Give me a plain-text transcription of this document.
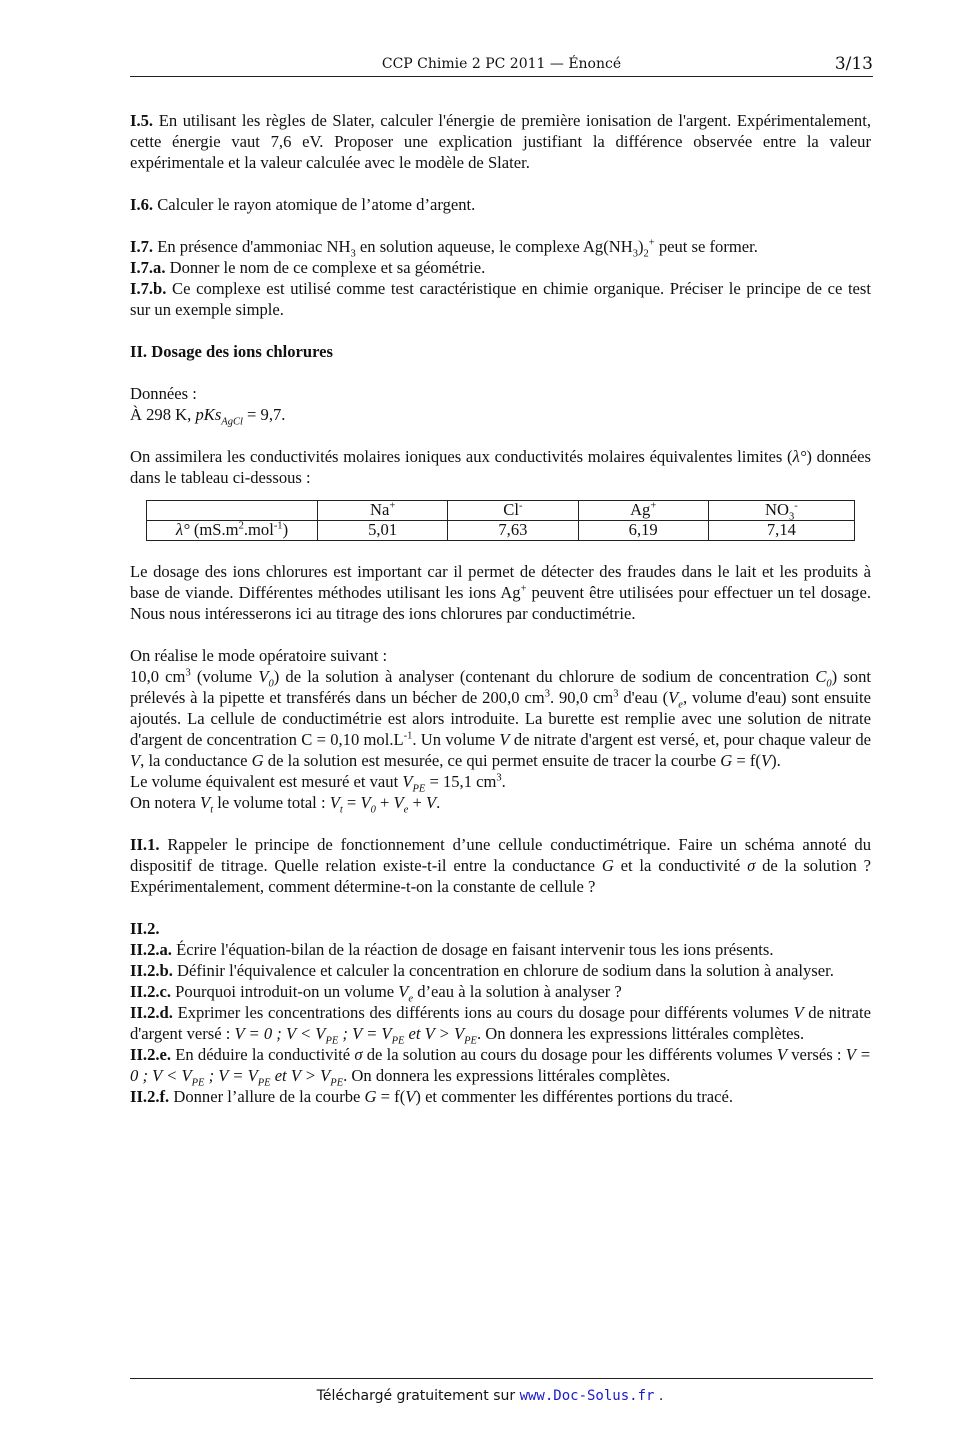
CCP Chimie 2 PC 2011 — Énoncé	3/13

I.5. En utilisant les règles de Slater, calculer l'énergie de première ionisation de l'argent. Expérimentalement, cette énergie vaut 7,6 eV. Proposer une explication justifiant la différence observée entre la valeur expérimentale et la valeur calculée avec le modèle de Slater.

I.6. Calculer le rayon atomique de l’atome d’argent.

I.7. En présence d'ammoniac $NH_3$ en solution aqueuse, le complexe $Ag(NH_3)_2^+$ peut se former.

I.7.a. Donner le nom de ce complexe et sa géométrie.

I.7.b. Ce complexe est utilisé comme test caractéristique en chimie organique. Préciser le principe de ce test sur un exemple simple.

II. Dosage des ions chlorures

Données :

À 298 K, pKs$_{AgCl}$ = 9,7.

On assimilera les conductivités molaires ioniques aux conductivités molaires équivalentes limites (λ°) données dans le tableau ci-dessous :

	Na+	Cl-	Ag+	$NO_3^-$
λ° $(mS.m^2.mol^{-1})$	5,01	7,63	6,19	7,14

Le dosage des ions chlorures est important car il permet de détecter des fraudes dans le lait et les produits à base de viande. Différentes méthodes utilisant les ions Ag+ peuvent être utilisées pour effectuer un tel dosage. Nous nous intéresserons ici au titrage des ions chlorures par conductimétrie.

On réalise le mode opératoire suivant :

10,0 $cm^3$ (volume $V_0$) de la solution à analyser (contenant du chlorure de sodium de concentration $C_0$) sont prélevés à la pipette et transférés dans un bécher de 200,0 $cm^3$. 90,0 $cm^3$ d'eau ($V_e$, volume d'eau) sont ensuite ajoutés. La cellule de conductimétrie est alors introduite. La burette est remplie avec une solution de nitrate d'argent de concentration C = 0,10 $mol.L^{-1}$. Un volume V de nitrate d'argent est versé, et, pour chaque valeur de V, la conductance G de la solution est mesurée, ce qui permet ensuite de tracer la courbe G = f(V).

Le volume équivalent est mesuré et vaut $V_{PE} = 15,1$ $cm^3$.

On notera $V_t$ le volume total : $V_t = V_0 + V_e + V$.

II.1. Rappeler le principe de fonctionnement d’une cellule conductimétrique. Faire un schéma annoté du dispositif de titrage. Quelle relation existe-t-il entre la conductance G et la conductivité σ de la solution ? Expérimentalement, comment détermine-t-on la constante de cellule ?

II.2.

II.2.a. Écrire l'équation-bilan de la réaction de dosage en faisant intervenir tous les ions présents.

II.2.b. Définir l'équivalence et calculer la concentration en chlorure de sodium dans la solution à analyser.

II.2.c. Pourquoi introduit-on un volume $V_e$ d’eau à la solution à analyser ?

II.2.d. Exprimer les concentrations des différents ions au cours du dosage pour différents volumes V de nitrate d'argent versé : V = 0 ; $V < V_{PE}$ ; $V = V_{PE}$ et $V > V_{PE}$. On donnera les expressions littérales complètes.

II.2.e. En déduire la conductivité σ de la solution au cours du dosage pour les différents volumes V versés : V = 0 ; $V < V_{PE}$ ; $V = V_{PE}$ et $V > V_{PE}$. On donnera les expressions littérales complètes.

II.2.f. Donner l’allure de la courbe G = f(V) et commenter les différentes portions du tracé.

Téléchargé gratuitement sur www.Doc-Solus.fr .
